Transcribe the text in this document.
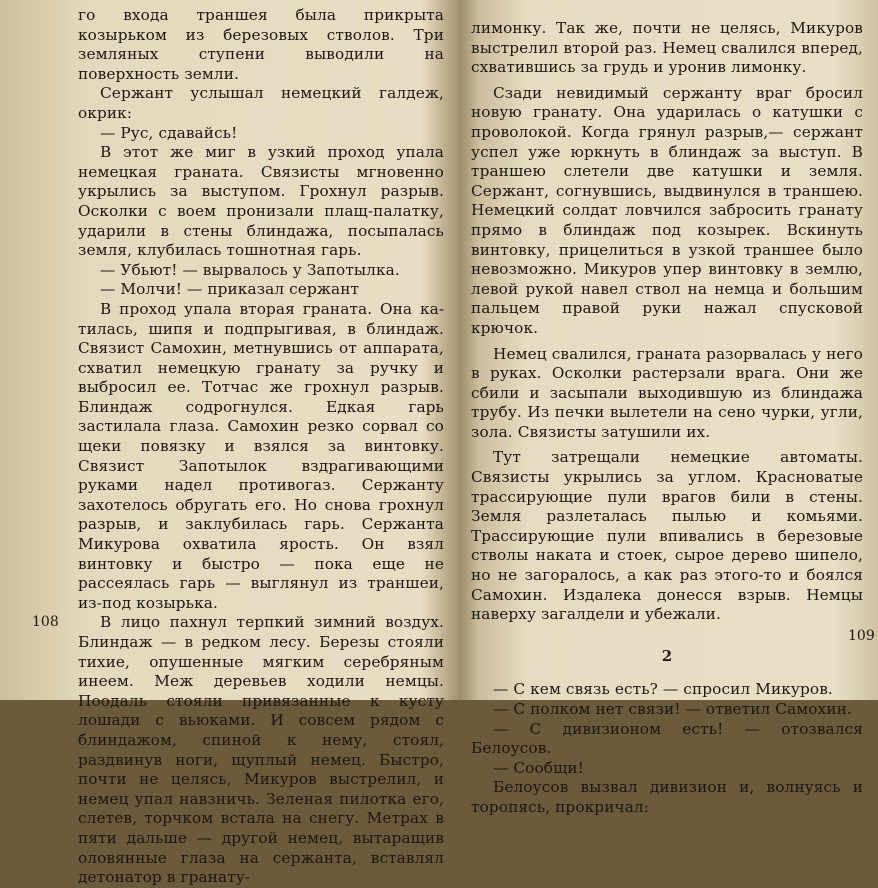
го входа траншея была прикрыта козырьком из березовых стволов. Три земляных ступени выводили на поверхность земли.

Сержант услышал немецкий галдеж, окрик:

— Рус, сдавайсь!

В этот же миг в узкий проход упала немецкая граната. Связисты мгновенно укрылись за выступом. Грохнул разрыв. Осколки с воем пронизали плащ-палатку, ударили в стены блиндажа, посыпалась земля, клубилась тошнотная гарь.

— Убьют! — вырвалось у Запотылка.

— Молчи! — приказал сержант

В проход упала вторая граната. Она катилась, шипя и подпрыгивая, в блиндаж. Связист Самохин, метнувшись от аппарата, схватил немецкую гранату за ручку и выбросил ее. Тотчас же грохнул разрыв. Блиндаж содрогнулся. Едкая гарь застилала глаза. Самохин резко сорвал со щеки повязку и взялся за винтовку. Связист Запотылок вздрагивающими руками надел противогаз. Сержанту захотелось обругать его. Но снова грохнул разрыв, и заклубилась гарь. Сержанта Микурова охватила ярость. Он взял винтовку и быстро — пока еще не рассеялась гарь — выглянул из траншеи, из-под козырька.

В лицо пахнул терпкий зимний воздух. Блиндаж — в редком лесу. Березы стояли тихие, опушенные мягким серебряным инеем. Меж деревьев ходили немцы. Поодаль стояли привязанные к кусту лошади с вьюками. И совсем рядом с блиндажом, спиной к нему, стоял, раздвинув ноги, щуплый немец. Быстро, почти не целясь, Микуров выстрелил, и немец упал навзничь. Зеленая пилотка его, слетев, торчком встала на снегу. Метрах в пяти дальше — другой немец, вытаращив оловянные глаза на сержанта, вставлял детонатор в гранату-

108

лимонку. Так же, почти не целясь, Микуров выстрелил второй раз. Немец свалился вперед, схватившись за грудь и уронив лимонку.

Сзади невидимый сержанту враг бросил новую гранату. Она ударилась о катушки с проволокой. Когда грянул разрыв,— сержант успел уже юркнуть в блиндаж за выступ. В траншею слетели две катушки и земля. Сержант, согнувшись, выдвинулся в траншею. Немецкий солдат ловчился забросить гранату прямо в блиндаж под козырек. Вскинуть винтовку, прицелиться в узкой траншее было невозможно. Микуров упер винтовку в землю, левой рукой навел ствол на немца и большим пальцем правой руки нажал спусковой крючок.

Немец свалился, граната разорвалась у него в руках. Осколки растерзали врага. Они же сбили и засыпали выходившую из блиндажа трубу. Из печки вылетели на сено чурки, угли, зола. Связисты затушили их.

Тут затрещали немецкие автоматы. Связисты укрылись за углом. Красноватые трассирующие пули врагов били в стены. Земля разлеталась пылью и комьями. Трассирующие пули впивались в березовые стволы наката и стоек, сырое дерево шипело, но не загоралось, а как раз этого-то и боялся Самохин. Издалека донесся взрыв. Немцы наверху загалдели и убежали.

2

— С кем связь есть? — спросил Микуров.

— С полком нет связи! — ответил Самохин.

— С дивизионом есть! — отозвался Белоусов.

— Сообщи!

Белоусов вызвал дивизион и, волнуясь и торопясь, прокричал:

109
